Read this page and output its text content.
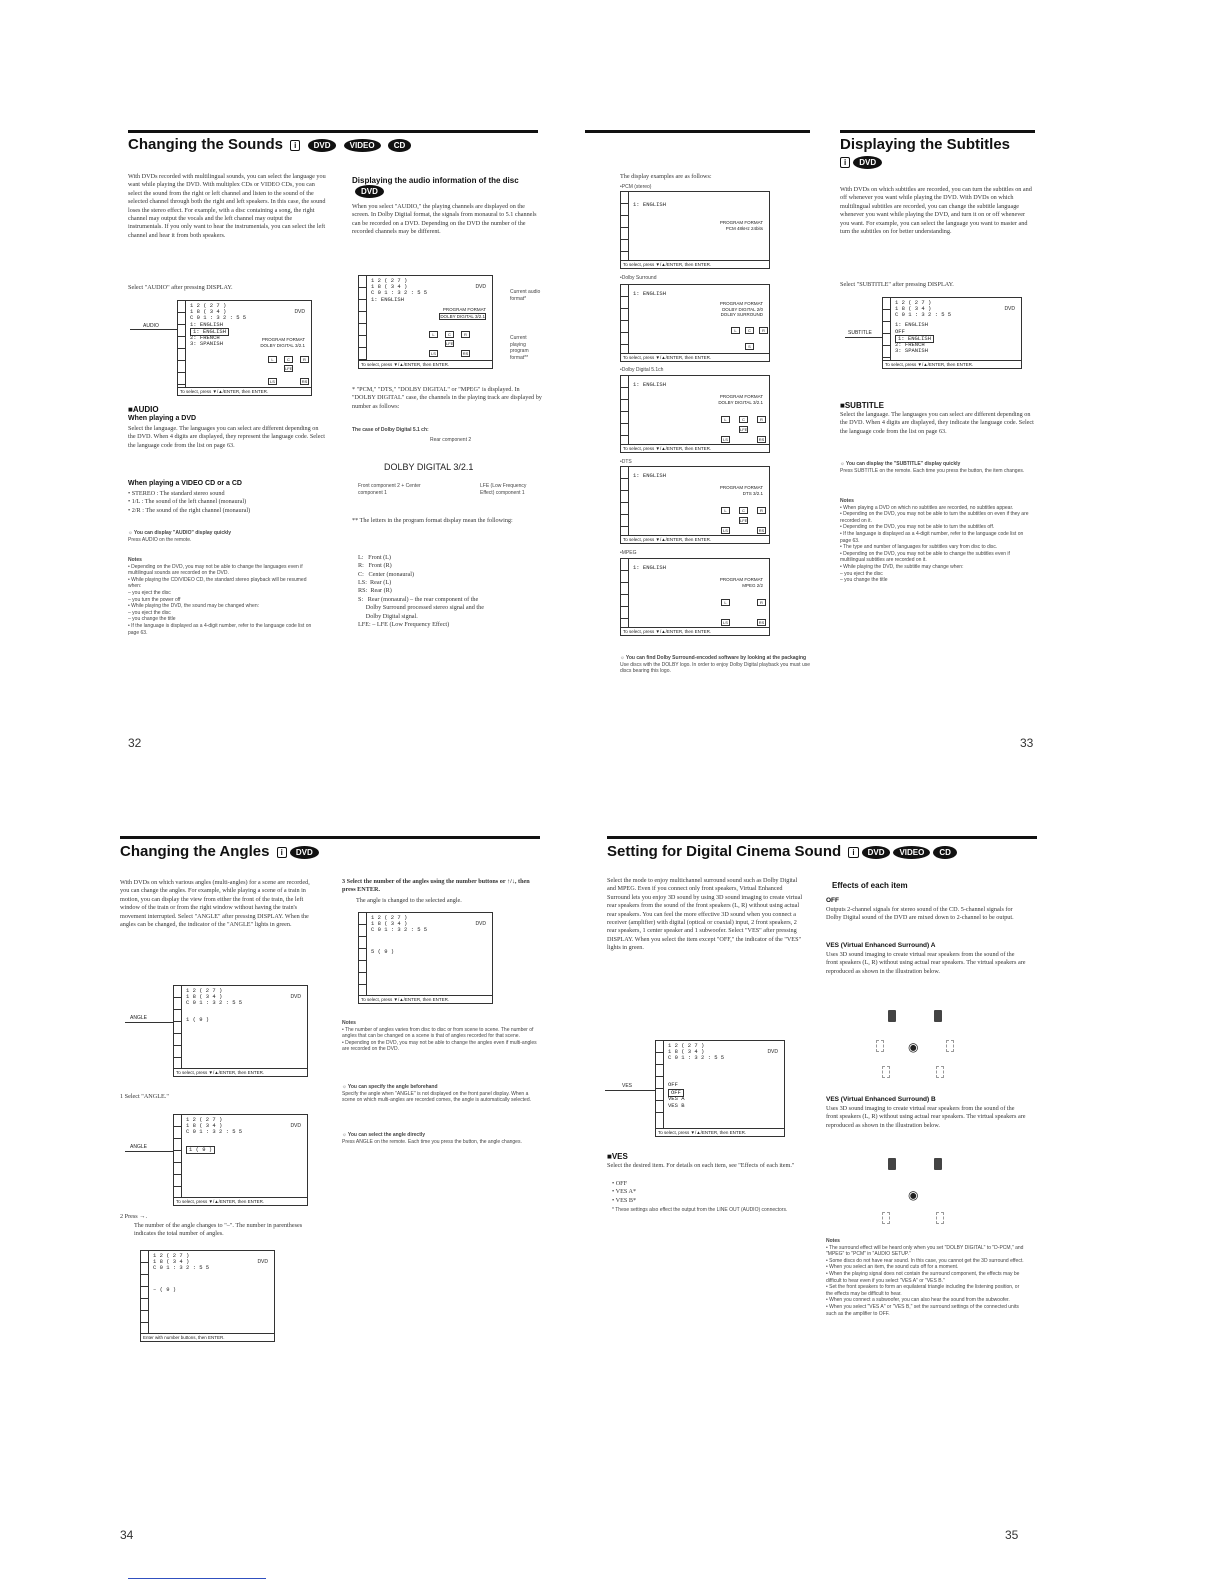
Changing the Sounds i DVD VIDEO CD
With DVDs recorded with multilingual sounds, you can select the language you want while playing the DVD. With multiplex CDs or VIDEO CDs, you can select the sound from the right or left channel and listen to the sound of the selected channel through both the right and left speakers. In this case, the sound loses the stereo effect. For example, with a disc containing a song, the right channel may output the vocals and the left channel may output the instrumentals. If you only want to hear the instrumentals, you can select the left channel and hear it from both speakers.
Select "AUDIO" after pressing DISPLAY.
AUDIO
1 2 ( 2 7 )
1 8 ( 3 4 )
C 0 1 : 3 2 : 5 5
1: ENGLISH
1: ENGLISH
2: FRENCH
3: SPANISH
DVD
PROGRAM FORMAT
DOLBY DIGITAL 3/2.1
L	C	R
LFE
LS	RS
To select, press ▼/▲/ENTER, then ENTER.
■AUDIO
When playing a DVD
Select the language. The languages you can select are different depending on the DVD. When 4 digits are displayed, they represent the language code. Select the language code from the list on page 63.
When playing a VIDEO CD or a CD
• STEREO : The standard stereo sound
• 1/L : The sound of the left channel (monaural)
• 2/R : The sound of the right channel (monaural)
☼ You can display "AUDIO" display quickly
Press AUDIO on the remote.
Notes
• Depending on the DVD, you may not be able to change the languages even if multilingual sounds are recorded on the DVD.
• While playing the CD/VIDEO CD, the standard stereo playback will be resumed when:
– you eject the disc
– you turn the power off
• While playing the DVD, the sound may be changed when:
– you eject the disc
– you change the title
• If the language is displayed as a 4-digit number, refer to the language code list on page 63.
Displaying the audio information of the disc DVD
When you select "AUDIO," the playing channels are displayed on the screen. In Dolby Digital format, the signals from monaural to 5.1 channels can be recorded on a DVD. Depending on the DVD the number of the recorded channels may be different.
1 2 ( 2 7 )
1 8 ( 3 4 )
C 0 1 : 3 2 : 5 5
1: ENGLISH
DVD
PROGRAM FORMAT
DOLBY DIGITAL 3/2.1
L	C	R
LFE
LS	RS
To select, press ▼/▲/ENTER, then ENTER.
Current audio format*
Current playing program format**
* "PCM," "DTS," "DOLBY DIGITAL" or "MPEG" is displayed. In "DOLBY DIGITAL" case, the channels in the playing track are displayed by number as follows:
The case of Dolby Digital 5.1 ch:
Rear component 2
DOLBY DIGITAL 3/2.1
Front component 2 + Center component 1
LFE (Low Frequency Effect) component 1
** The letters in the program format display mean the following:

L:   Front (L)
R:   Front (R)
C:   Center (monaural)
LS:  Rear (L)
RS:  Rear (R)
S:   Rear (monaural) – the rear component of the
Dolby Surround processed stereo signal and the
Dolby Digital signal.
LFE: – LFE (Low Frequency Effect)

32
The display examples are as follows:
•PCM (stereo)
1: ENGLISH
PROGRAM FORMAT
PCM 48kHz 24bits
To select, press ▼/▲/ENTER, then ENTER.
•Dolby Surround
1: ENGLISH
PROGRAM FORMAT
DOLBY DIGITAL 2/0
DOLBY SURROUND
L	C	R
S
To select, press ▼/▲/ENTER, then ENTER.
•Dolby Digital 5.1ch
1: ENGLISH
PROGRAM FORMAT
DOLBY DIGITAL 3/2.1
L	C	R
LFE
LS	RS
To select, press ▼/▲/ENTER, then ENTER.
•DTS
1: ENGLISH
PROGRAM FORMAT
DTS 3/2.1
L	C	R
LFE
LS	RS
To select, press ▼/▲/ENTER, then ENTER.
•MPEG
1: ENGLISH
PROGRAM FORMAT
MPEG 2/2
L	R
LS	RS
To select, press ▼/▲/ENTER, then ENTER.
☼ You can find Dolby Surround-encoded software by looking at the packaging
Use discs with the DOLBY logo. In order to enjoy Dolby Digital playback you must use discs bearing this logo.
Displaying the Subtitles
i DVD
With DVDs on which subtitles are recorded, you can turn the subtitles on and off whenever you want while playing the DVD. With DVDs on which multilingual subtitles are recorded, you can change the subtitle language whenever you want while playing the DVD, and turn it on or off whenever you want. For example, you can select the language you want to master and turn the subtitles on for better understanding.
Select "SUBTITLE" after pressing DISPLAY.
SUBTITLE
1 2 ( 2 7 )
1 8 ( 3 4 )
C 0 1 : 3 2 : 5 5
1: ENGLISH
OFF
1: ENGLISH
2: FRENCH
3: SPANISH
DVD
To select, press ▼/▲/ENTER, then ENTER.
■SUBTITLE
Select the language. The languages you can select are different depending on the DVD. When 4 digits are displayed, they indicate the language code. Select the language code from the list on page 63.
☼ You can display the "SUBTITLE" display quickly
Press SUBTITLE on the remote. Each time you press the button, the item changes.
Notes
• When playing a DVD on which no subtitles are recorded, no subtitles appear.
• Depending on the DVD, you may not be able to turn the subtitles on even if they are recorded on it.
• Depending on the DVD, you may not be able to turn the subtitles off.
• If the language is displayed as a 4-digit number, refer to the language code list on page 63.
• The type and number of languages for subtitles vary from disc to disc.
• Depending on the DVD, you may not be able to change the subtitles even if multilingual subtitles are recorded on it.
• While playing the DVD, the subtitle may change when:
– you eject the disc
– you change the title
33
Changing the Angles i DVD
With DVDs on which various angles (multi-angles) for a scene are recorded, you can change the angles. For example, while playing a scene of a train in motion, you can display the view from either the front of the train, the left window of the train or from the right window without having the train's movement interrupted. Select "ANGLE" after pressing DISPLAY. When the angles can be changed, the indicator of the "ANGLE" lights in green.
ANGLE
1 2 ( 2 7 )
1 8 ( 3 4 )
C 0 1 : 3 2 : 5 5
1 ( 9 )
DVD
To select, press ▼/▲/ENTER, then ENTER.
1 Select "ANGLE."
ANGLE
1 2 ( 2 7 )
1 8 ( 3 4 )
C 0 1 : 3 2 : 5 5
1 ( 9 )
DVD
To select, press ▼/▲/ENTER, then ENTER.
2 Press →.
The number of the angle changes to "–". The number in parentheses indicates the total number of angles.
1 2 ( 2 7 )
1 8 ( 3 4 )
C 0 1 : 3 2 : 5 5
– ( 9 )
DVD
Enter with number buttons, then ENTER.
3 Select the number of the angles using the number buttons or ↑/↓, then press ENTER.
The angle is changed to the selected angle.
1 2 ( 2 7 )
1 8 ( 3 4 )
C 0 1 : 3 2 : 5 5
5 ( 9 )
DVD
To select, press ▼/▲/ENTER, then ENTER.
Notes
• The number of angles varies from disc to disc or from scene to scene. The number of angles that can be changed on a scene is that of angles recorded for that scene.
• Depending on the DVD, you may not be able to change the angles even if multi-angles are recorded on the DVD.
☼ You can specify the angle beforehand
Specify the angle when "ANGLE" is not displayed on the front panel display. When a scene on which multi-angles are recorded comes, the angle is automatically selected.
☼ You can select the angle directly
Press ANGLE on the remote. Each time you press the button, the angle changes.
34
Setting for Digital Cinema Sound i DVD VIDEO CD
Select the mode to enjoy multichannel surround sound such as Dolby Digital and MPEG. Even if you connect only front speakers, Virtual Enhanced Surround lets you enjoy 3D sound by using 3D sound imaging to create virtual rear speakers from the sound of the front speakers (L, R) without using actual rear speakers. You can feel the more effective 3D sound when you connect a receiver (amplifier) with digital (optical or coaxial) input, 2 front speakers, 2 rear speakers, 1 center speaker and 1 subwoofer. Select "VES" after pressing DISPLAY. When you select the item except "OFF," the indicator of the "VES" lights in green.
VES
1 2 ( 2 7 )
1 8 ( 3 4 )
C 0 1 : 3 2 : 5 5
OFF
OFF
VES A
VES B
DVD
To select, press ▼/▲/ENTER, then ENTER.
■VES
Select the desired item. For details on each item, see "Effects of each item."
• OFF
• VES A*
• VES B*
* These settings also effect the output from the LINE OUT (AUDIO) connectors.
Effects of each item
OFF
Outputs 2-channel signals for stereo sound of the CD. 5-channel signals for Dolby Digital sound of the DVD are mixed down to 2-channel to be output.
VES (Virtual Enhanced Surround) A
Uses 3D sound imaging to create virtual rear speakers from the sound of the front speakers (L, R) without using actual rear speakers. The virtual speakers are reproduced as shown in the illustration below.
◉
VES (Virtual Enhanced Surround) B
Uses 3D sound imaging to create virtual rear speakers from the sound of the front speakers (L, R) without using actual rear speakers. The virtual speakers are reproduced as shown in the illustration below.
◉
Notes
• The surround effect will be heard only when you set "DOLBY DIGITAL" to "D-PCM," and "MPEG" to "PCM" in "AUDIO SETUP."
• Some discs do not have rear sound. In this case, you cannot get the 3D surround effect.
• When you select an item, the sound cuts off for a moment.
• When the playing signal does not contain the surround component, the effects may be difficult to hear even if you select "VES A" or "VES B."
• Set the front speakers to form an equilateral triangle including the listening position, or the effects may be difficult to hear.
• When you connect a subwoofer, you can also hear the sound from the subwoofer.
• When you select "VES A" or "VES B," set the surround settings of the connected units such as the amplifier to OFF.
35
